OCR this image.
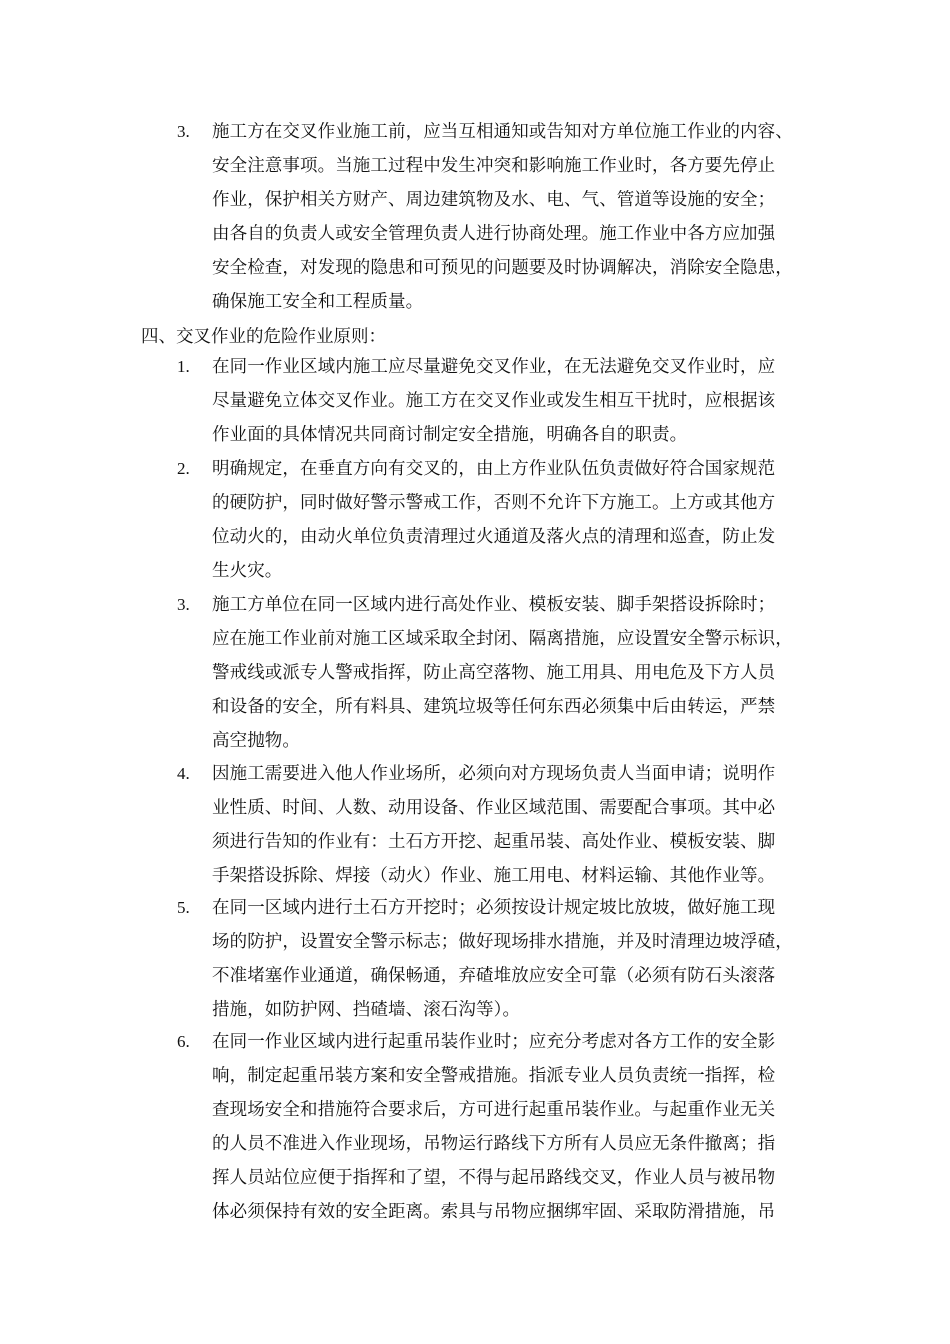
3. 施工方在交叉作业施工前，应当互相通知或告知对方单位施工作业的内容、
安全注意事项。当施工过程中发生冲突和影响施工作业时，各方要先停止
作业，保护相关方财产、周边建筑物及水、电、气、管道等设施的安全；
由各自的负责人或安全管理负责人进行协商处理。施工作业中各方应加强
安全检查，对发现的隐患和可预见的问题要及时协调解决，消除安全隐患，
确保施工安全和工程质量。
四、交叉作业的危险作业原则：
1. 在同一作业区域内施工应尽量避免交叉作业，在无法避免交叉作业时，应
尽量避免立体交叉作业。施工方在交叉作业或发生相互干扰时，应根据该
作业面的具体情况共同商讨制定安全措施，明确各自的职责。
2. 明确规定，在垂直方向有交叉的，由上方作业队伍负责做好符合国家规范
的硬防护，同时做好警示警戒工作，否则不允许下方施工。上方或其他方
位动火的，由动火单位负责清理过火通道及落火点的清理和巡查，防止发
生火灾。
3. 施工方单位在同一区域内进行高处作业、模板安装、脚手架搭设拆除时；
应在施工作业前对施工区域采取全封闭、隔离措施，应设置安全警示标识，
警戒线或派专人警戒指挥，防止高空落物、施工用具、用电危及下方人员
和设备的安全，所有料具、建筑垃圾等任何东西必须集中后由转运，严禁
高空抛物。
4. 因施工需要进入他人作业场所，必须向对方现场负责人当面申请；说明作
业性质、时间、人数、动用设备、作业区域范围、需要配合事项。其中必
须进行告知的作业有：土石方开挖、起重吊装、高处作业、模板安装、脚
手架搭设拆除、焊接（动火）作业、施工用电、材料运输、其他作业等。
5. 在同一区域内进行土石方开挖时；必须按设计规定坡比放坡，做好施工现
场的防护，设置安全警示标志；做好现场排水措施，并及时清理边坡浮碴，
不准堵塞作业通道，确保畅通，弃碴堆放应安全可靠（必须有防石头滚落
措施，如防护网、挡碴墙、滚石沟等）。
6. 在同一作业区域内进行起重吊装作业时；应充分考虑对各方工作的安全影
响，制定起重吊装方案和安全警戒措施。指派专业人员负责统一指挥，检
查现场安全和措施符合要求后，方可进行起重吊装作业。与起重作业无关
的人员不准进入作业现场，吊物运行路线下方所有人员应无条件撤离；指
挥人员站位应便于指挥和了望，不得与起吊路线交叉，作业人员与被吊物
体必须保持有效的安全距离。索具与吊物应捆绑牢固、采取防滑措施，吊
